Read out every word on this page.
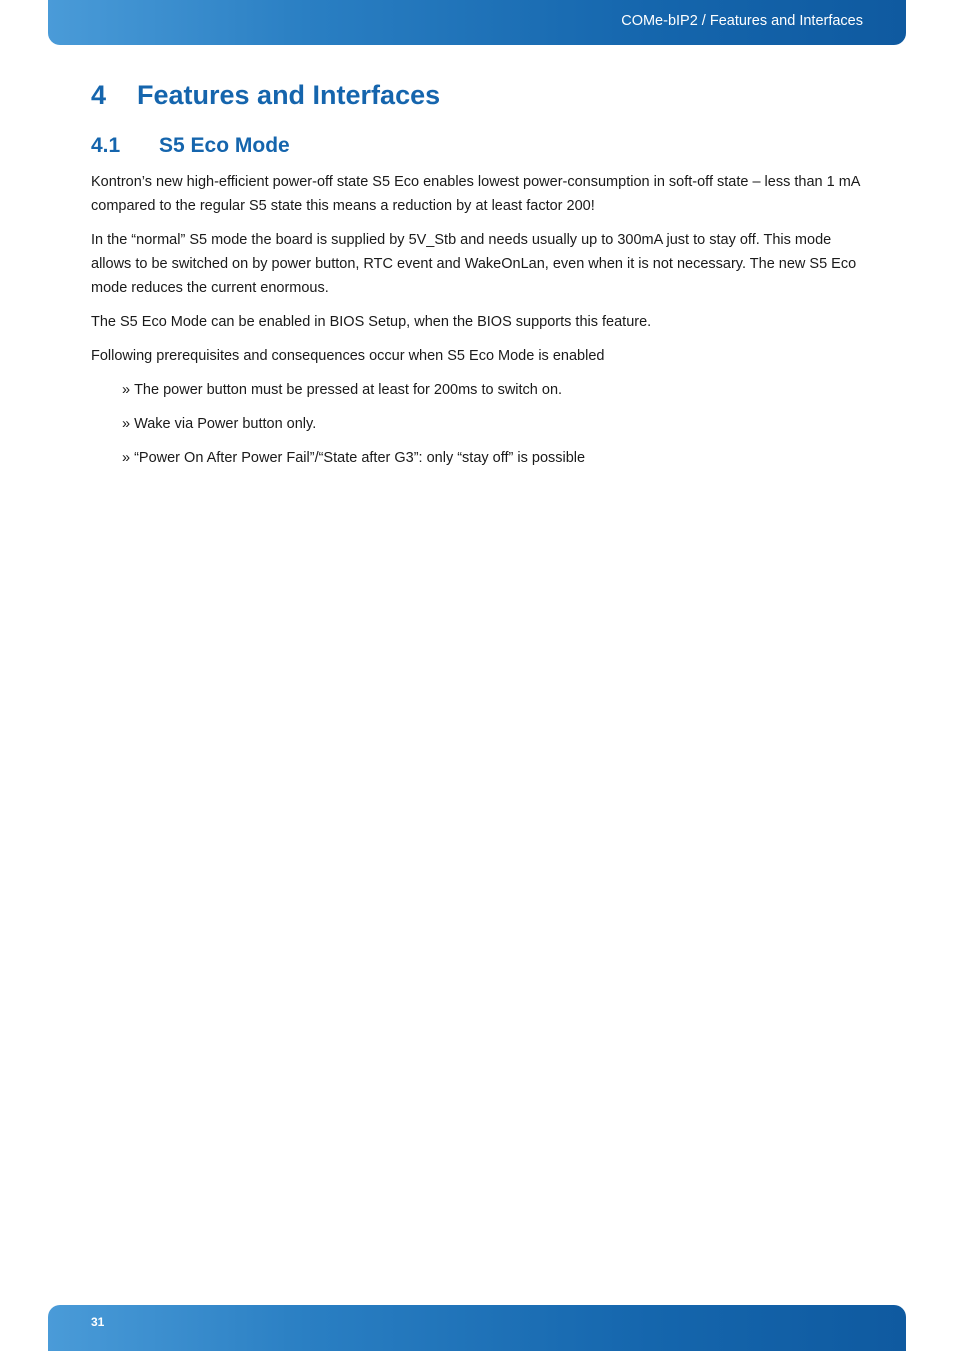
COMe-bIP2 / Features and Interfaces
4 Features and Interfaces
4.1 S5 Eco Mode

Kontron’s new high-efficient power-off state S5 Eco enables lowest power-consumption in soft-off state – less than 1 mA compared to the regular S5 state this means a reduction by at least factor 200!

In the “normal” S5 mode the board is supplied by 5V_Stb and needs usually up to 300mA just to stay off. This mode allows to be switched on by power button, RTC event and WakeOnLan, even when it is not necessary. The new S5 Eco mode reduces the current enormous.

The S5 Eco Mode can be enabled in BIOS Setup, when the BIOS supports this feature.

Following prerequisites and consequences occur when S5 Eco Mode is enabled

» The power button must be pressed at least for 200ms to switch on.
» Wake via Power button only.
» “Power On After Power Fail”/“State after G3”: only “stay off” is possible
31
